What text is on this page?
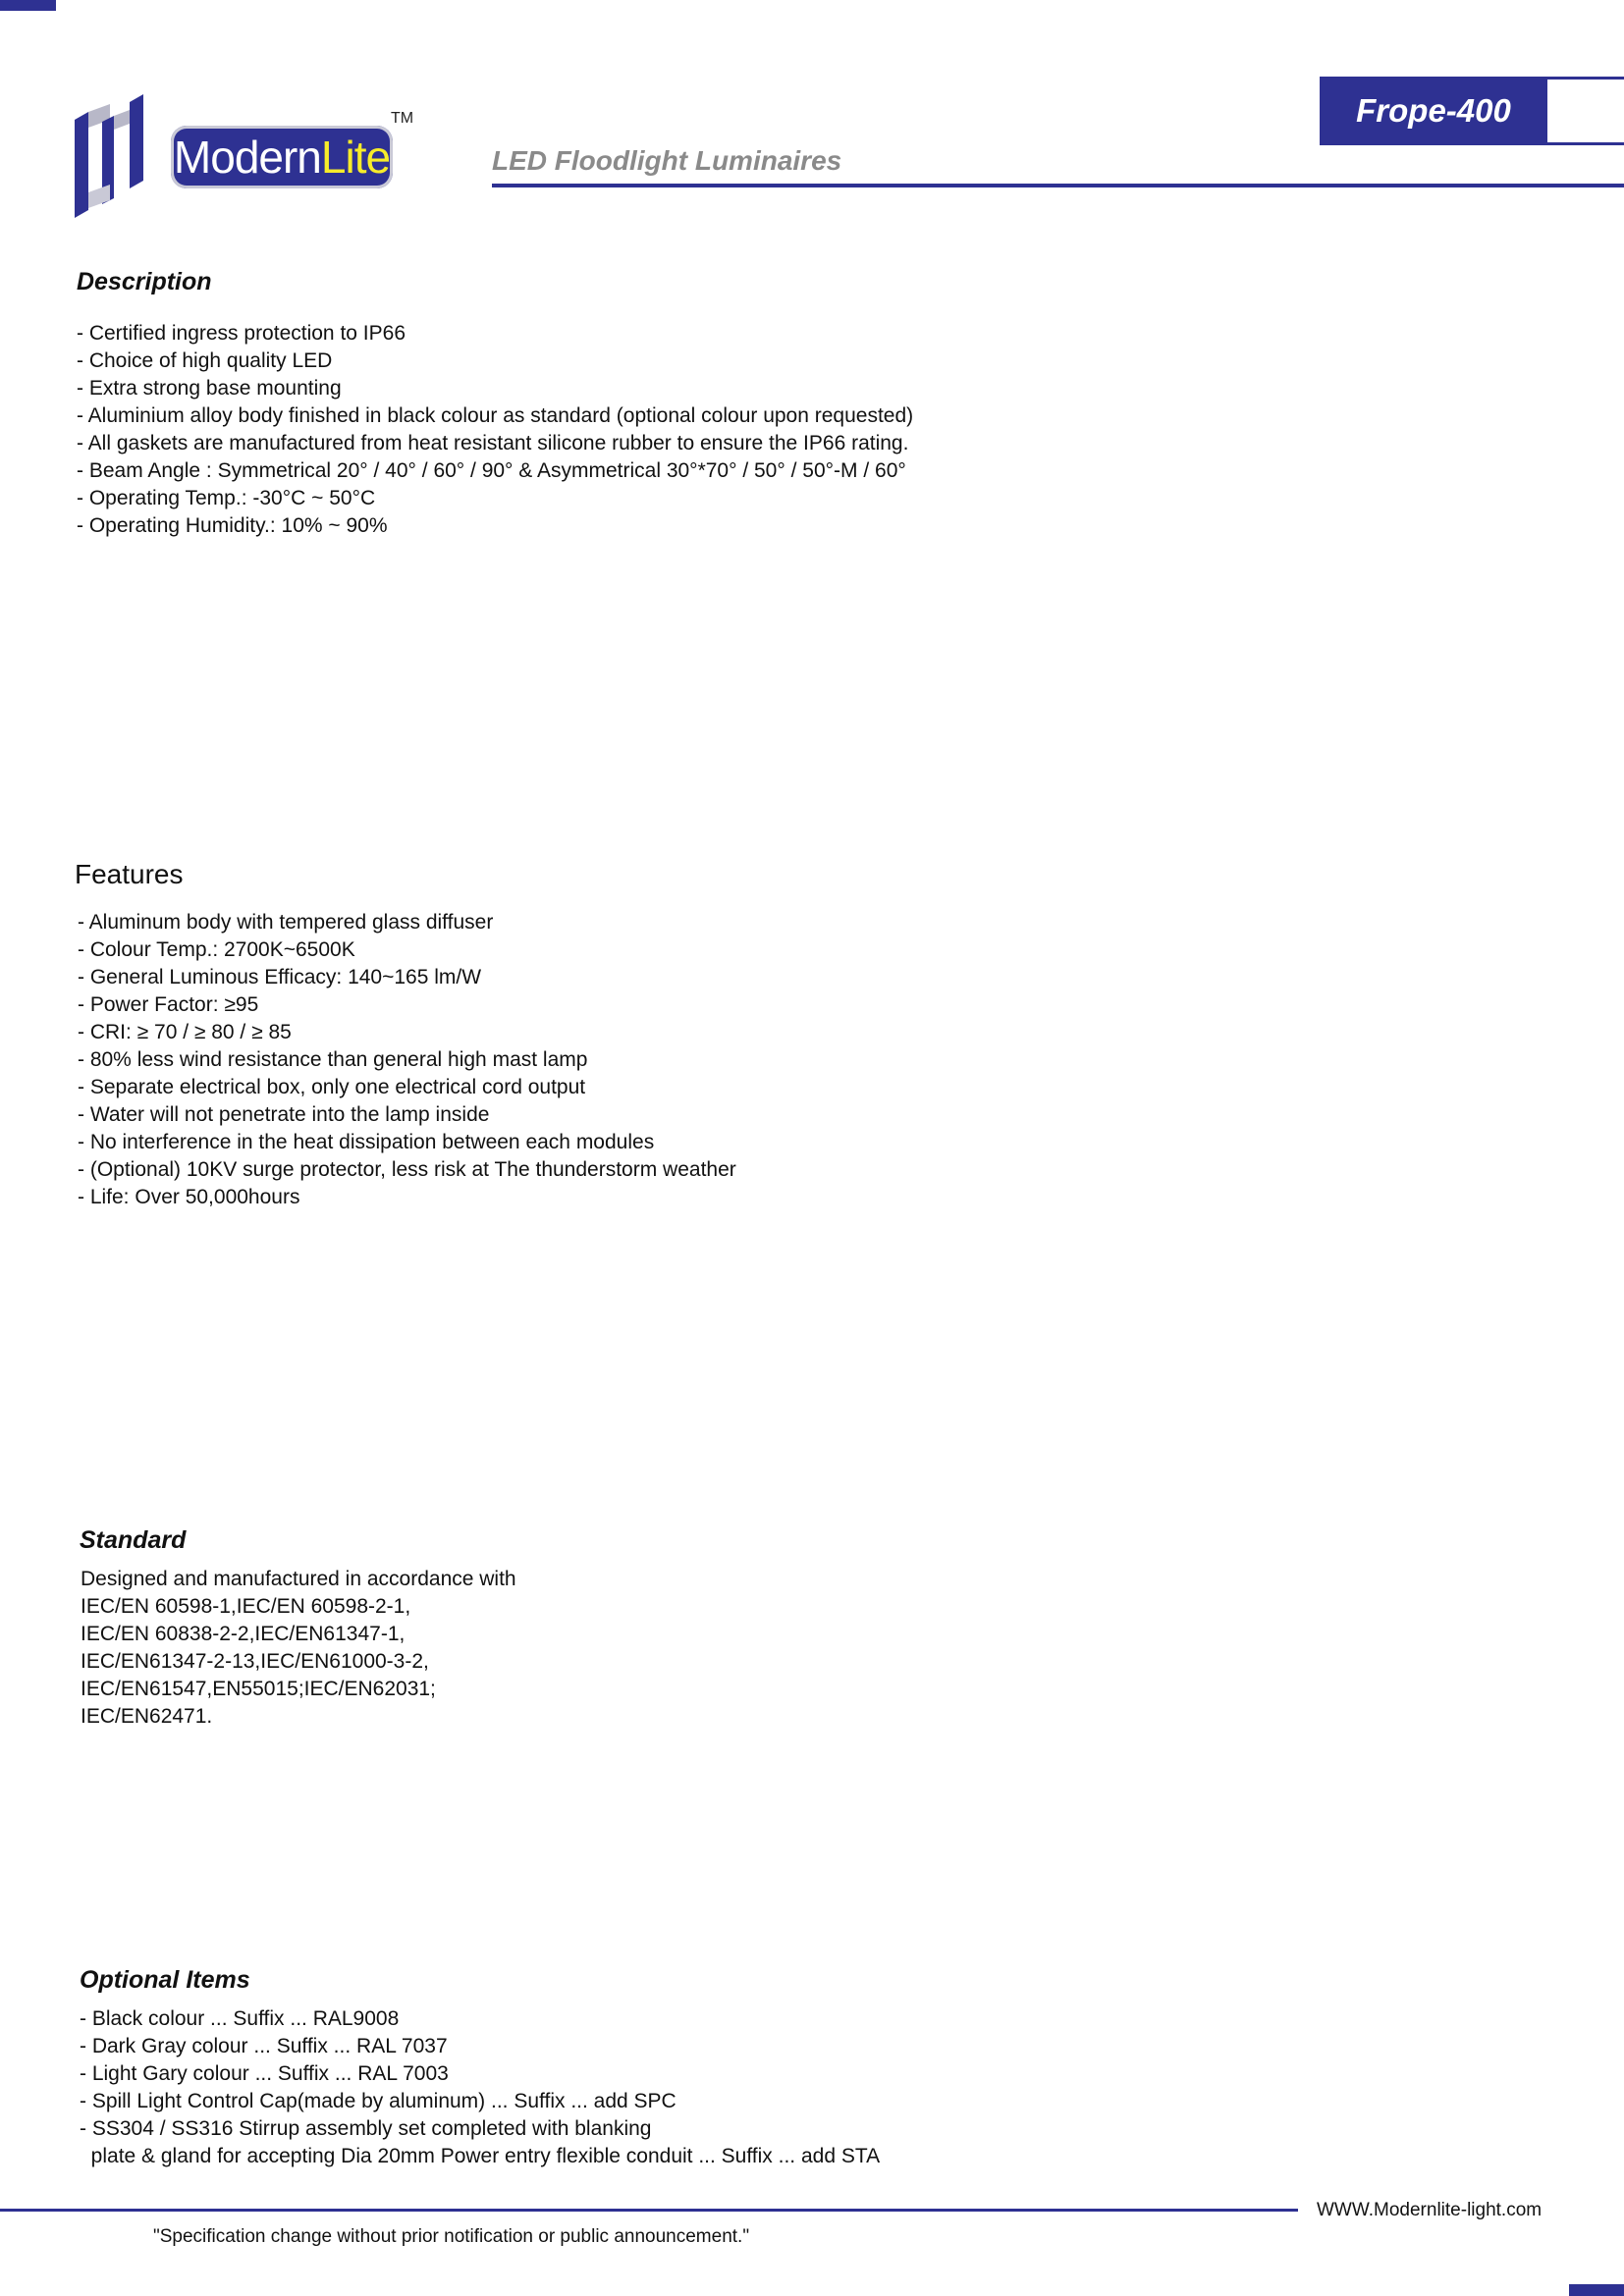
Modern Lite
TM	Frope-400
LED Floodlight Luminaires
Description
- Certified ingress protection to IP66
- Choice of high quality LED
- Extra strong base mounting
- Aluminium alloy body finished in black colour as standard (optional colour upon requested)
- All gaskets are manufactured from heat resistant silicone rubber to ensure the IP66 rating.
- Beam Angle : Symmetrical 20° / 40° / 60° / 90° & Asymmetrical 30°*70° / 50° / 50°-M / 60°
- Operating Temp.: -30°C ~ 50°C
- Operating Humidity.: 10% ~ 90%
Features
- Aluminum body with tempered glass diffuser
- Colour Temp.: 2700K~6500K
- General Luminous Efficacy: 140~165 lm/W
- Power Factor: ≥95
- CRI: ≥ 70 / ≥ 80 / ≥ 85
- 80% less wind resistance than general high mast lamp
- Separate electrical box, only one electrical cord output
- Water will not penetrate into the lamp inside
- No interference in the heat dissipation between each modules
- (Optional) 10KV surge protector, less risk at The thunderstorm weather
- Life: Over 50,000hours
Standard
Designed and manufactured in accordance with
IEC/EN 60598-1,IEC/EN 60598-2-1,
IEC/EN 60838-2-2,IEC/EN61347-1,
IEC/EN61347-2-13,IEC/EN61000-3-2,
IEC/EN61547,EN55015;IEC/EN62031;
IEC/EN62471.
Optional Items
- Black colour ... Suffix ... RAL9008
- Dark Gray colour ... Suffix ... RAL 7037
- Light Gary colour ... Suffix ... RAL 7003
- Spill Light Control Cap(made by aluminum) ... Suffix ... add SPC
- SS304 / SS316 Stirrup assembly set completed with blanking
plate & gland for accepting Dia 20mm Power entry flexible conduit ... Suffix ... add STA
WWW.Modernlite-light.com
"Specification change without prior notification or public announcement."
